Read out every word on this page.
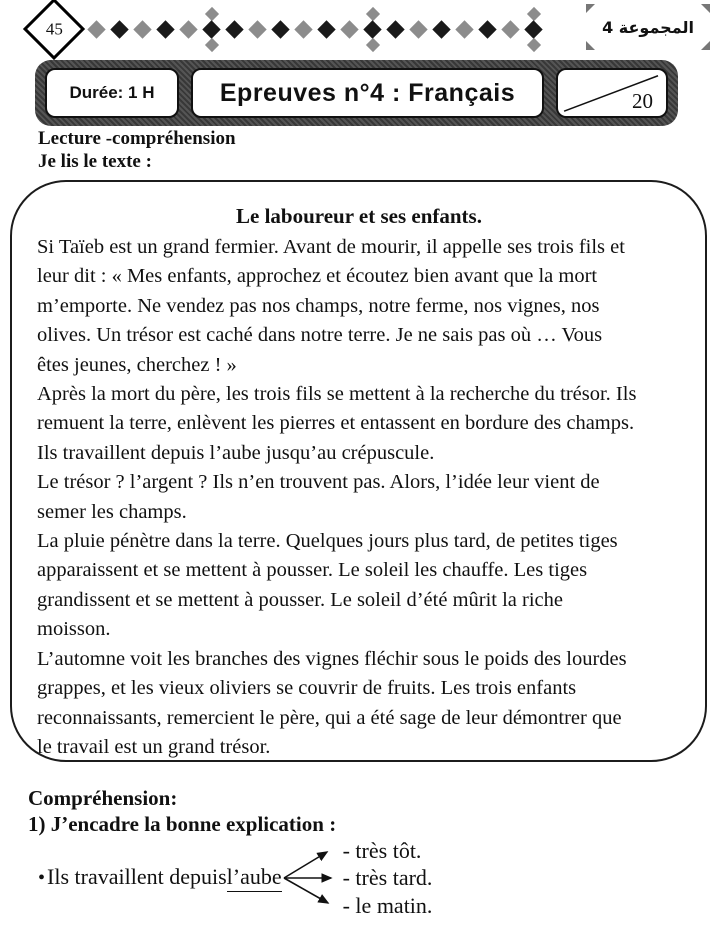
45	المجموعة 4
Durée: 1 H	Epreuves n°4 : Français	20
Lecture -compréhension
Je lis le texte :
Le laboureur et ses enfants.
Si Taïeb est un grand fermier. Avant de mourir, il appelle ses trois fils et
leur dit : « Mes enfants, approchez et écoutez bien avant que la mort
m’emporte. Ne vendez pas nos champs, notre ferme, nos vignes, nos
olives. Un trésor est caché dans notre terre. Je ne sais pas où … Vous
êtes jeunes, cherchez ! »
Après la mort du père, les trois fils se mettent à la recherche du trésor. Ils
remuent la terre, enlèvent les pierres et entassent en bordure des champs.
Ils travaillent depuis l’aube jusqu’au crépuscule.
Le trésor ? l’argent ? Ils n’en trouvent pas. Alors, l’idée leur vient de
semer les champs.
La pluie pénètre dans la terre. Quelques jours plus tard, de petites tiges
apparaissent et se mettent à pousser. Le soleil les chauffe. Les tiges
grandissent et se mettent à pousser. Le soleil d’été mûrit la riche
moisson.
L’automne voit les branches des vignes fléchir sous le poids des lourdes
grappes, et les vieux oliviers se couvrir de fruits. Les trois enfants
reconnaissants, remercient le père, qui a été sage de leur démontrer que
le travail est un grand trésor.
Compréhension:
1) J’encadre la bonne explication :
• Ils travaillent depuis l’aube
- très tôt.
- très tard.
- le matin.
